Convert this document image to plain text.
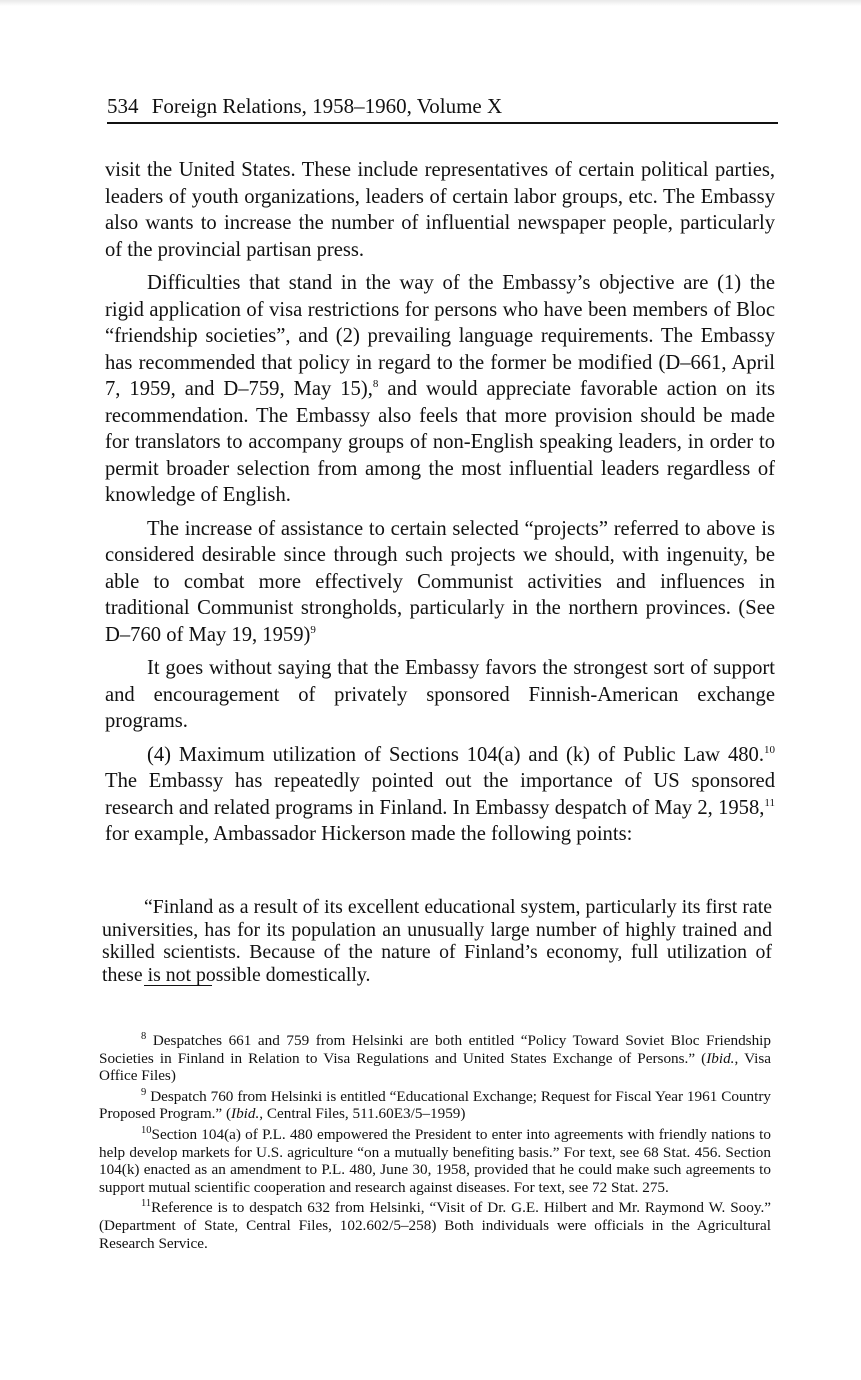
534 Foreign Relations, 1958–1960, Volume X

visit the United States. These include representatives of certain political parties, leaders of youth organizations, leaders of certain labor groups, etc. The Embassy also wants to increase the number of influential newspaper people, particularly of the provincial partisan press.

Difficulties that stand in the way of the Embassy’s objective are (1) the rigid application of visa restrictions for persons who have been members of Bloc “friendship societies”, and (2) prevailing language requirements. The Embassy has recommended that policy in regard to the former be modified (D–661, April 7, 1959, and D–759, May 15),$^8$ and would appreciate favorable action on its recommendation. The Embassy also feels that more provision should be made for translators to accompany groups of non-English speaking leaders, in order to permit broader selection from among the most influential leaders regardless of knowledge of English.

The increase of assistance to certain selected “projects” referred to above is considered desirable since through such projects we should, with ingenuity, be able to combat more effectively Communist activities and influences in traditional Communist strongholds, particularly in the northern provinces. (See D–760 of May 19, 1959)$^9$

It goes without saying that the Embassy favors the strongest sort of support and encouragement of privately sponsored Finnish-American exchange programs.

(4) Maximum utilization of Sections 104(a) and (k) of Public Law 480.10 The Embassy has repeatedly pointed out the importance of US sponsored research and related programs in Finland. In Embassy despatch of May 2, 1958,11 for example, Ambassador Hickerson made the following points:

“Finland as a result of its excellent educational system, particularly its first rate universities, has for its population an unusually large number of highly trained and skilled scientists. Because of the nature of Finland’s economy, full utilization of these is not possible domestically.

$^8$ Despatches 661 and 759 from Helsinki are both entitled “Policy Toward Soviet Bloc Friendship Societies in Finland in Relation to Visa Regulations and United States Exchange of Persons.” (Ibid., Visa Office Files)

$^9$ Despatch 760 from Helsinki is entitled “Educational Exchange; Request for Fiscal Year 1961 Country Proposed Program.” (Ibid., Central Files, 511.60E3/5–1959)

$^{10}$Section 104(a) of P.L. 480 empowered the President to enter into agreements with friendly nations to help develop markets for U.S. agriculture “on a mutually benefiting basis.” For text, see 68 Stat. 456. Section 104(k) enacted as an amendment to P.L. 480, June 30, 1958, provided that he could make such agreements to support mutual scientific cooperation and research against diseases. For text, see 72 Stat. 275.

$^{11}$Reference is to despatch 632 from Helsinki, “Visit of Dr. G.E. Hilbert and Mr. Raymond W. Sooy.” (Department of State, Central Files, 102.602/5–258) Both individuals were officials in the Agricultural Research Service.
